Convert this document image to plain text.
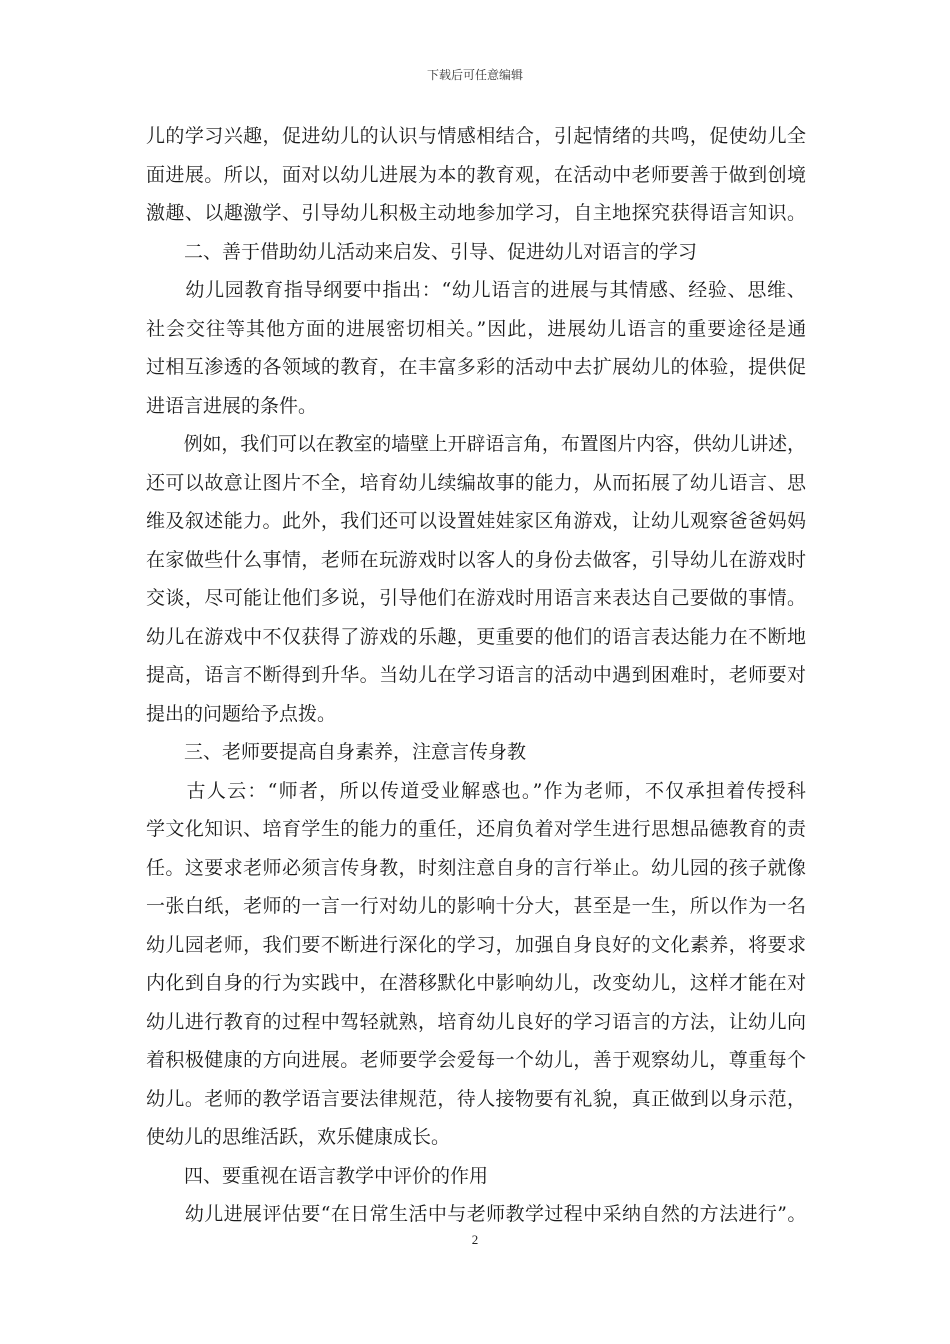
下载后可任意编辑
儿的学习兴趣，促进幼儿的认识与情感相结合，引起情绪的共鸣，促使幼儿全
面进展。所以，面对以幼儿进展为本的教育观，在活动中老师要善于做到创境
激趣、以趣激学、引导幼儿积极主动地参加学习，自主地探究获得语言知识。
　　二、善于借助幼儿活动来启发、引导、促进幼儿对语言的学习
　　幼儿园教育指导纲要中指出：“幼儿语言的进展与其情感、经验、思维、
社会交往等其他方面的进展密切相关。”因此，进展幼儿语言的重要途径是通
过相互渗透的各领域的教育，在丰富多彩的活动中去扩展幼儿的体验，提供促
进语言进展的条件。
　　例如，我们可以在教室的墙壁上开辟语言角，布置图片内容，供幼儿讲述，
还可以故意让图片不全，培育幼儿续编故事的能力，从而拓展了幼儿语言、思
维及叙述能力。此外，我们还可以设置娃娃家区角游戏，让幼儿观察爸爸妈妈
在家做些什么事情，老师在玩游戏时以客人的身份去做客，引导幼儿在游戏时
交谈，尽可能让他们多说，引导他们在游戏时用语言来表达自己要做的事情。
幼儿在游戏中不仅获得了游戏的乐趣，更重要的他们的语言表达能力在不断地
提高，语言不断得到升华。当幼儿在学习语言的活动中遇到困难时，老师要对
提出的问题给予点拨。
　　三、老师要提高自身素养，注意言传身教
　　古人云：“师者，所以传道受业解惑也。”作为老师，不仅承担着传授科
学文化知识、培育学生的能力的重任，还肩负着对学生进行思想品德教育的责
任。这要求老师必须言传身教，时刻注意自身的言行举止。幼儿园的孩子就像
一张白纸，老师的一言一行对幼儿的影响十分大，甚至是一生，所以作为一名
幼儿园老师，我们要不断进行深化的学习，加强自身良好的文化素养，将要求
内化到自身的行为实践中，在潜移默化中影响幼儿，改变幼儿，这样才能在对
幼儿进行教育的过程中驾轻就熟，培育幼儿良好的学习语言的方法，让幼儿向
着积极健康的方向进展。老师要学会爱每一个幼儿，善于观察幼儿，尊重每个
幼儿。老师的教学语言要法律规范，待人接物要有礼貌，真正做到以身示范，
使幼儿的思维活跃，欢乐健康成长。
　　四、要重视在语言教学中评价的作用
　　幼儿进展评估要“在日常生活中与老师教学过程中采纳自然的方法进行”。
2
